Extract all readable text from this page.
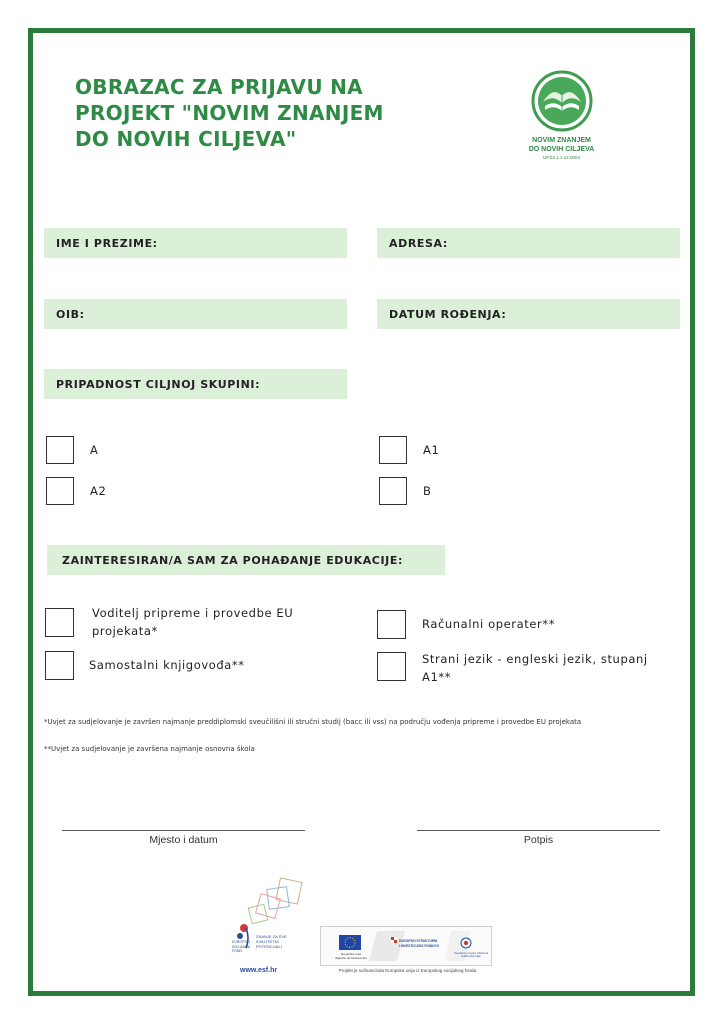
OBRAZAC ZA PRIJAVU NA
PROJEKT "NOVIM ZNANJEM
DO NOVIH CILJEVA"	NOVIM ZNANJEM
DO NOVIH CILJEVA
UP.02.1.1.12.0004
IME I PREZIME:	ADRESA:
OIB:	DATUM ROĐENJA:
PRIPADNOST CILJNOJ SKUPINI:
A	A1
A2	B
ZAINTERESIRAN/A SAM ZA POHAĐANJE EDUKACIJE:
Voditelj pripreme i provedbe EU projekata*	Računalni operater**
Samostalni knjigovođa**	Strani jezik - engleski jezik, stupanj A1**
*Uvjet za sudjelovanje je završen najmanje preddiplomski sveučilišni ili stručni studij (bacc ili vss) na području vođenja pripreme i provedbe EU projekata
**Uvjet za sudjelovanje je završena najmanje osnovna škola
Mjesto i datum	Potpis
ZNANJE ZA SVE
KVALITETNI
POTENCIJALI
EUROPSKI
SOCIJALNI
FOND
www.esf.hr
Europska unija
Zajedno do fondova EU
EUROPSKI STRUKTURNI
I INVESTICIJSKI FONDOVI
Operativni program Učinkoviti ljudski potencijali
Projekt je sufinancirala Europska unija iz Europskog socijalnog fonda.
